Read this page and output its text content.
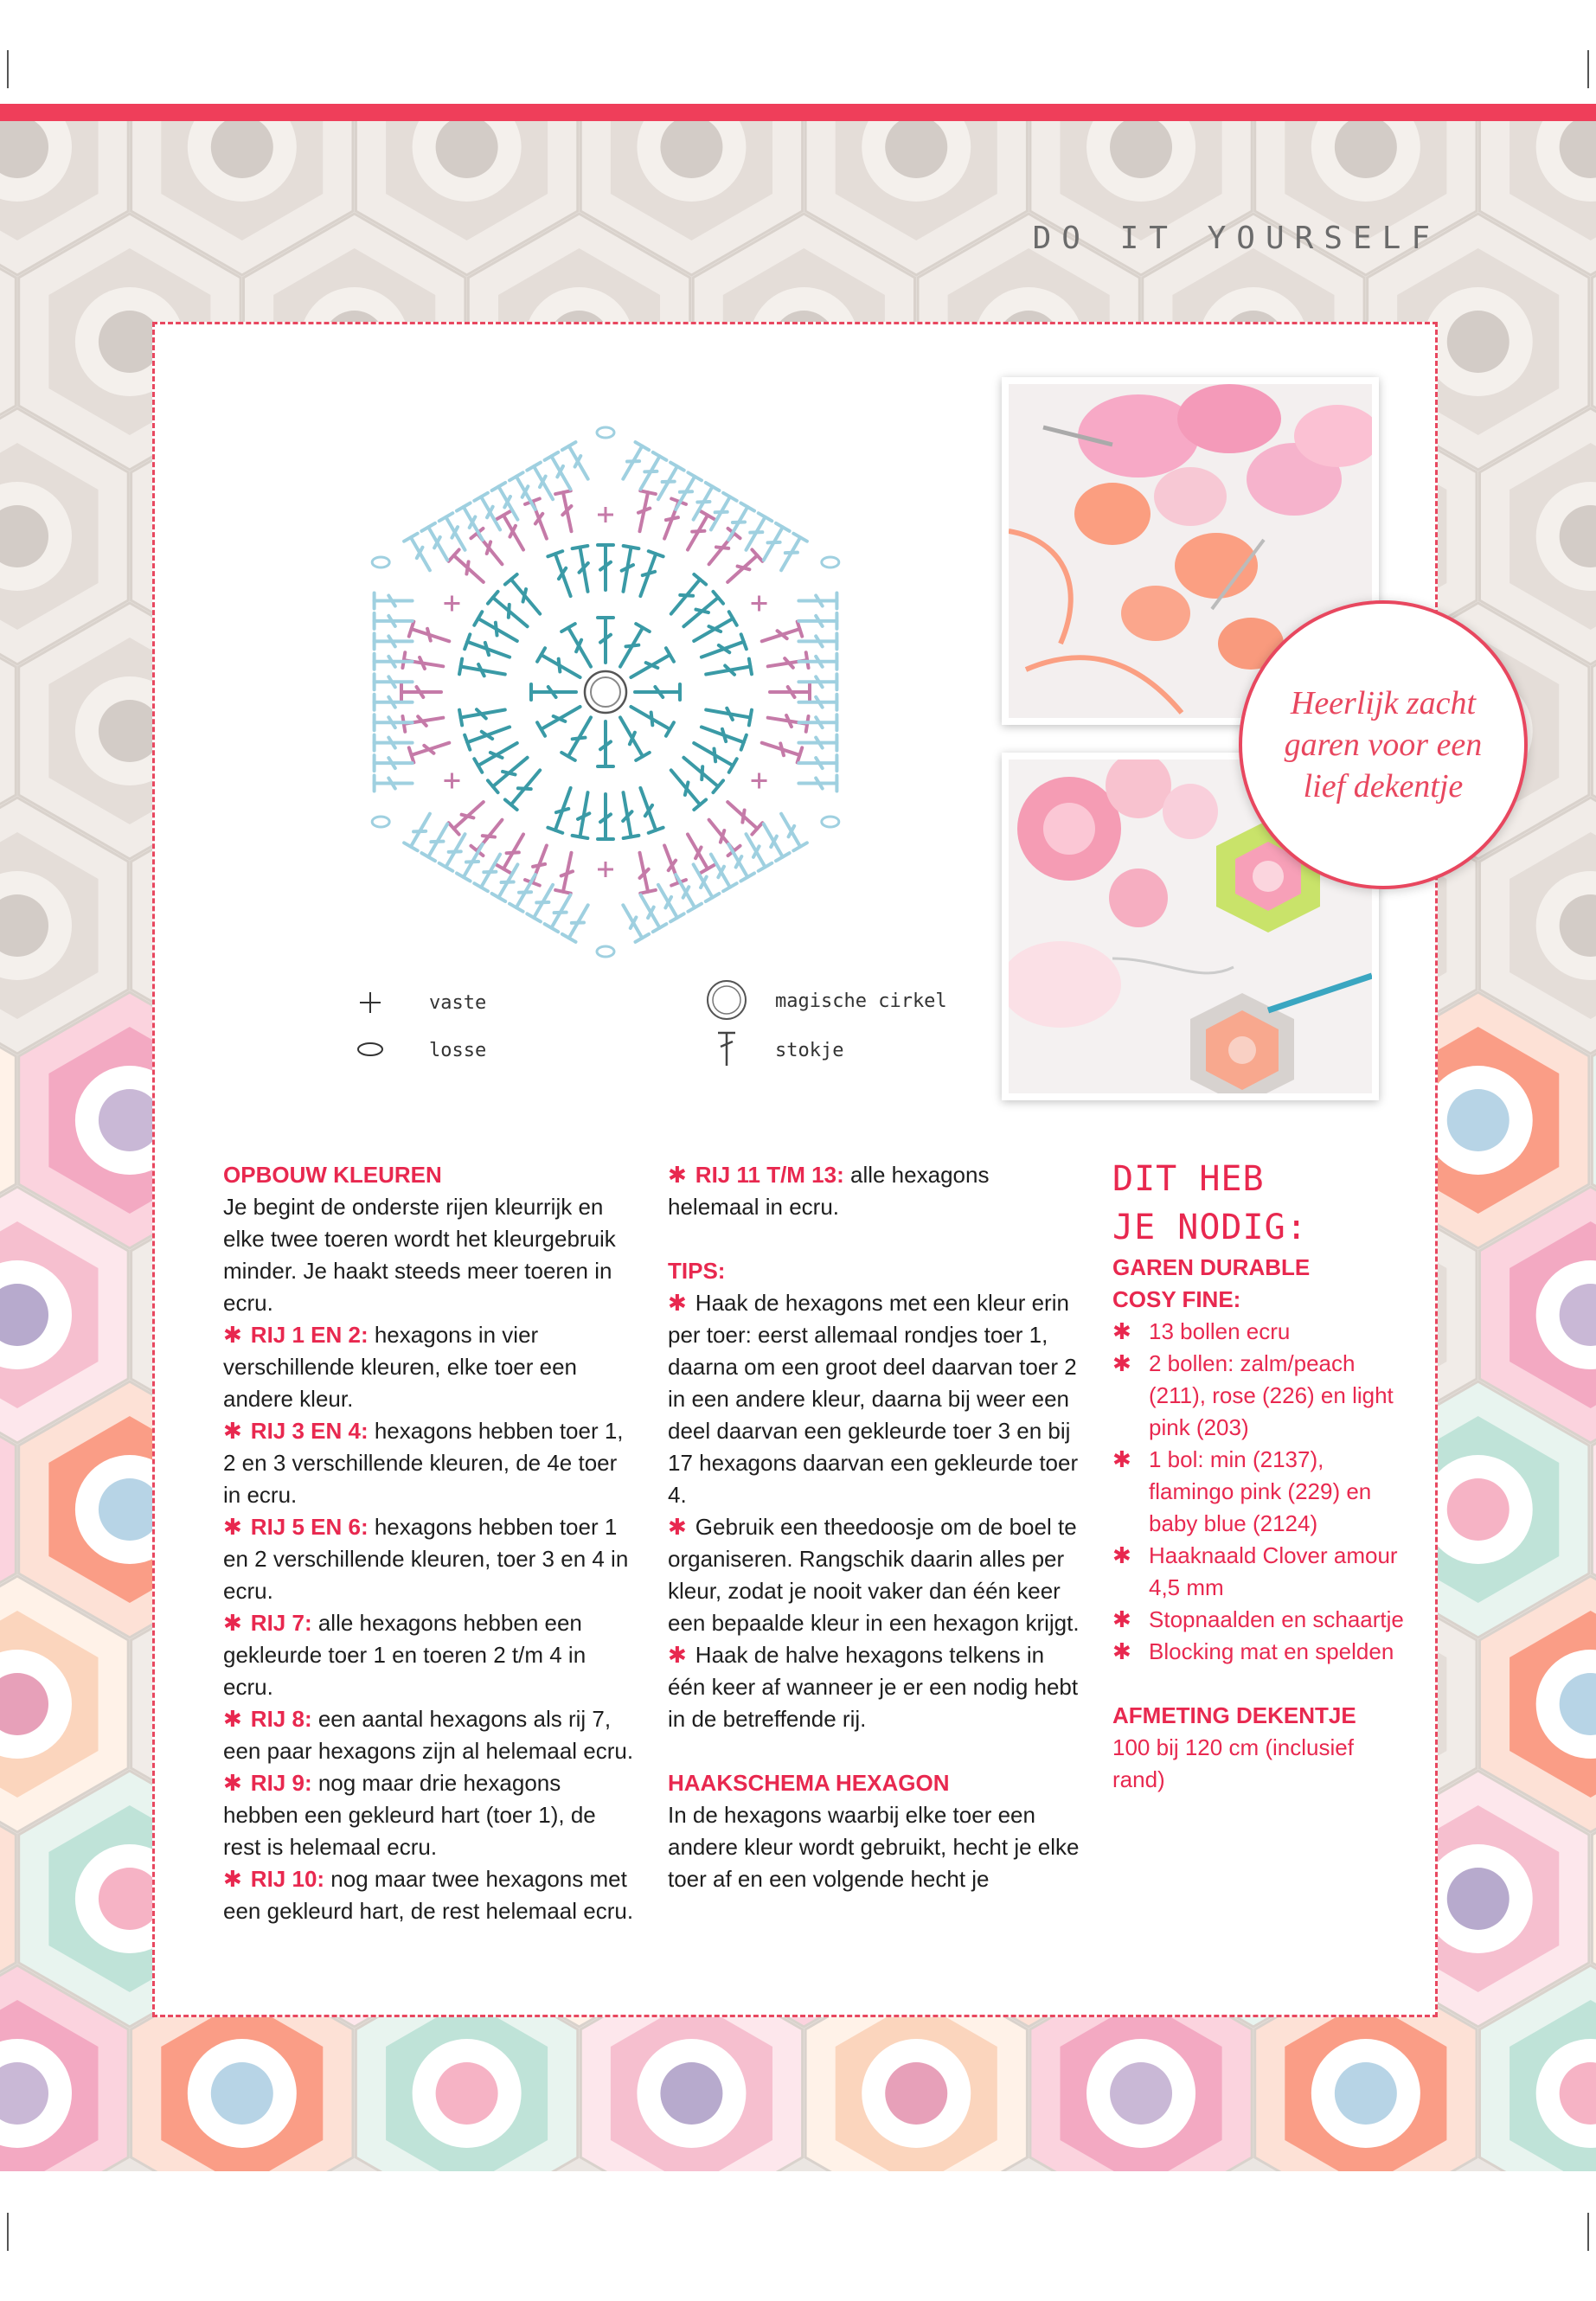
DO IT YOURSELF
vaste
losse
magische cirkel
stokje
Heerlijk zacht
garen voor een
lief dekentje

OPBOUW KLEUREN

Je begint de onderste rijen kleurrijk en elke twee toeren wordt het kleurgebruik minder. Je haakt steeds meer toeren in ecru.

✱ RIJ 1 EN 2: hexagons in vier verschillende kleuren, elke toer een andere kleur.

✱ RIJ 3 EN 4: hexagons hebben toer 1, 2 en 3 verschillende kleuren, de 4e toer in ecru.

✱ RIJ 5 EN 6: hexagons hebben toer 1 en 2 verschillende kleuren, toer 3 en 4 in ecru.

✱ RIJ 7: alle hexagons hebben een gekleurde toer 1 en toeren 2 t/m 4 in ecru.

✱ RIJ 8: een aantal hexagons als rij 7, een paar hexagons zijn al helemaal ecru.

✱ RIJ 9: nog maar drie hexagons hebben een gekleurd hart (toer 1), de rest is helemaal ecru.

✱ RIJ 10: nog maar twee hexagons met een gekleurd hart, de rest helemaal ecru.

✱ RIJ 11 T/M 13: alle hexagons helemaal in ecru.

TIPS:

✱ Haak de hexagons met een kleur erin per toer: eerst allemaal rondjes toer 1, daarna om een groot deel daarvan toer 2 in een andere kleur, daarna bij weer een deel daarvan een gekleurde toer 3 en bij 17 hexagons daarvan een gekleurde toer 4.

✱ Gebruik een theedoosje om de boel te organiseren. Rangschik daarin alles per kleur, zodat je nooit vaker dan één keer een bepaalde kleur in een hexagon krijgt.

✱ Haak de halve hexagons telkens in één keer af wanneer je er een nodig hebt in de betreffende rij.

HAAKSCHEMA HEXAGON

In de hexagons waarbij elke toer een andere kleur wordt gebruikt, hecht je elke toer af en een volgende hecht je

DIT HEB

JE NODIG:

GAREN DURABLE

COSY FINE:

✱ 13 bollen ecru

✱ 2 bollen: zalm/peach (211), rose (226) en light pink (203)

✱ 1 bol: min (2137), flamingo pink (229) en baby blue (2124)

✱ Haaknaald Clover amour 4,5 mm

✱ Stopnaalden en schaartje

✱ Blocking mat en spelden

AFMETING DEKENTJE

100 bij 120 cm (inclusief rand)
